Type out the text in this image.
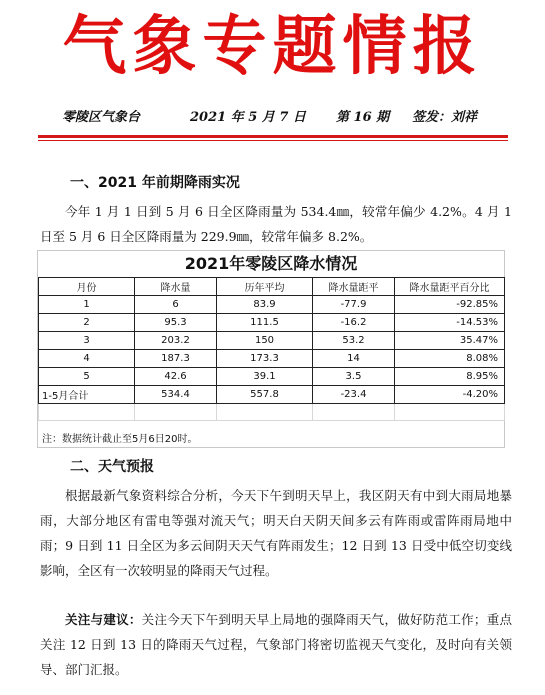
气象专题情报
零陵区气象台	2021 年 5 月 7 日 第 16 期 签发：刘祥
一、2021 年前期降雨实况

今年 1 月 1 日到 5 月 6 日全区降雨量为 534.4㎜，较常年偏少 4.2%。4 月 1 日至 5 月 6 日全区降雨量为 229.9㎜，较常年偏多 8.2%。

2021年零陵区降水情况
月份	降水量	历年平均	降水量距平	降水量距平百分比
1	6	83.9	-77.9	-92.85%
2	95.3	111.5	-16.2	-14.53%
3	203.2	150	53.2	35.47%
4	187.3	173.3	14	8.08%
5	42.6	39.1	3.5	8.95%
1-5月合计	534.4	557.8	-23.4	-4.20%

注：数据统计截止至5月6日20时。
二、天气预报

根据最新气象资料综合分析，今天下午到明天早上，我区阴天有中到大雨局地暴雨，大部分地区有雷电等强对流天气；明天白天阴天间多云有阵雨或雷阵雨局地中雨；9 日到 11 日全区为多云间阴天天气有阵雨发生；12 日到 13 日受中低空切变线影响，全区有一次较明显的降雨天气过程。

关注与建议：关注今天下午到明天早上局地的强降雨天气，做好防范工作；重点关注 12 日到 13 日的降雨天气过程，气象部门将密切监视天气变化，及时向有关领导、部门汇报。
